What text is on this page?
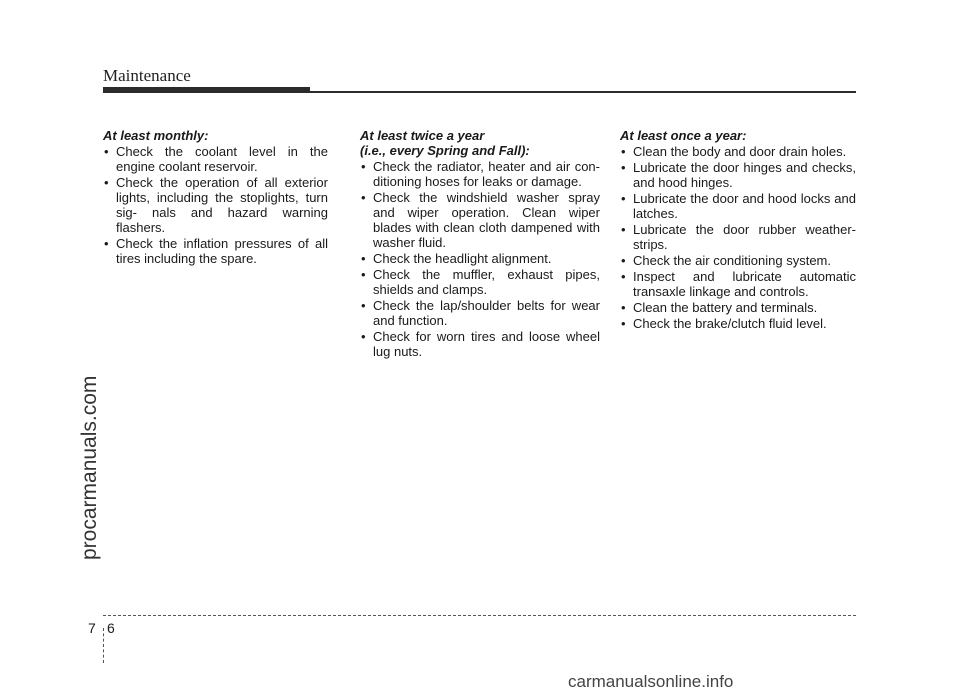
Maintenance
procarmanuals.com
At least monthly:
• Check the coolant level in the engine coolant reservoir.
• Check the operation of all exterior lights, including the stoplights, turn sig- nals and hazard warning flashers.
• Check the inflation pressures of all tires including the spare.
At least twice a year
(i.e., every Spring and Fall):
• Check the radiator, heater and air con- ditioning hoses for leaks or damage.
• Check the windshield washer spray and wiper operation. Clean wiper blades with clean cloth dampened with washer fluid.
• Check the headlight alignment.
• Check the muffler, exhaust pipes, shields and clamps.
• Check the lap/shoulder belts for wear and function.
• Check for worn tires and loose wheel lug nuts.
At least once a year:
• Clean the body and door drain holes.
• Lubricate the door hinges and checks, and hood hinges.
• Lubricate the door and hood locks and latches.
• Lubricate the door rubber weather- strips.
• Check the air conditioning system.
• Inspect and lubricate automatic transaxle linkage and controls.
• Clean the battery and terminals.
• Check the brake/clutch fluid level.
7 6
carmanualsonline.info
